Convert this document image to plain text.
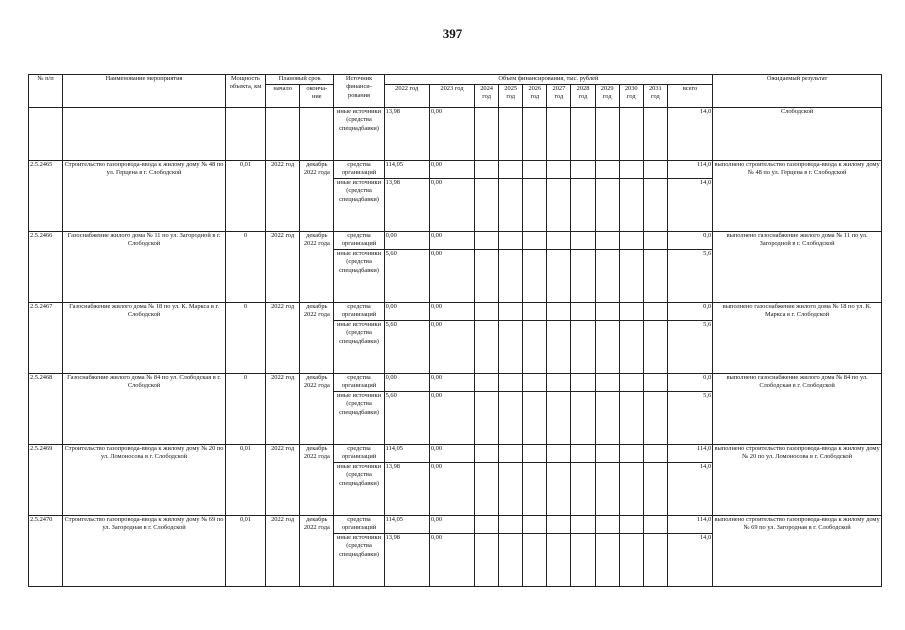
397
№ п/п	Наименование мероприятия	Мощность объекта, км	Плановый срок		Источник финанси- рования	Объем финансирования, тыс. рублей											Ожидаемый результат
			начало	оконча- ние		2022 год	2023 год	2024 год	2025 год	2026 год	2027 год	2028 год	2029 год	2030 год	2031 год	всего	
					иные источники (средства спецнадбавки)	13,98	0,00									14,0	Слободской
2.5.2465	Строительство газопровода-ввода к жилому дому № 48 по ул. Герцена в г. Слободской	0,01	2022 год	декабрь 2022 года	средства организаций	114,05	0,00									114,0	выполнено строительство газопровода-ввода к жилому дому № 48 по ул. Герцена в г. Слободской
					иные источники (средства спецнадбавки)	13,98	0,00									14,0	
2.5.2466	Газоснабжение жилого дома № 11 по ул. Загородной в г. Слободской	0	2022 год	декабрь 2022 года	средства организаций	0,00	0,00									0,0	выполнено газоснабжение жилого дома № 11 по ул. Загородной в г. Слободской
					иные источники (средства спецнадбавки)	5,60	0,00									5,6	
2.5.2467	Газоснабжение жилого дома № 18 по ул. К. Маркса в г. Слободской	0	2022 год	декабрь 2022 года	средства организаций	0,00	0,00									0,0	выполнено газоснабжение жилого дома № 18 по ул. К. Маркса в г. Слободской
					иные источники (средства спецнадбавки)	5,60	0,00									5,6	
2.5.2468	Газоснабжение жилого дома № 84 по ул. Слободская в г. Слободской	0	2022 год	декабрь 2022 года	средства организаций	0,00	0,00									0,0	выполнено газоснабжение жилого дома № 84 по ул. Слободская в г. Слободской
					иные источники (средства спецнадбавки)	5,60	0,00									5,6	
2.5.2469	Строительство газопровода-ввода к жилому дому № 20 по ул. Ломоносова в г. Слободской	0,01	2022 год	декабрь 2022 года	средства организаций	114,05	0,00									114,0	выполнено строительство газопровода-ввода к жилому дому № 20 по ул. Ломоносова в г. Слободской
					иные источники (средства спецнадбавки)	13,98	0,00									14,0	
2.5.2470	Строительство газопровода-ввода к жилому дому № 69 по ул. Загородная в г. Слободской	0,01	2022 год	декабрь 2022 года	средства организаций	114,05	0,00									114,0	выполнено строительство газопровода-ввода к жилому дому № 69 по ул. Загородная в г. Слободской
					иные источники (средства спецнадбавки)	13,98	0,00									14,0	
